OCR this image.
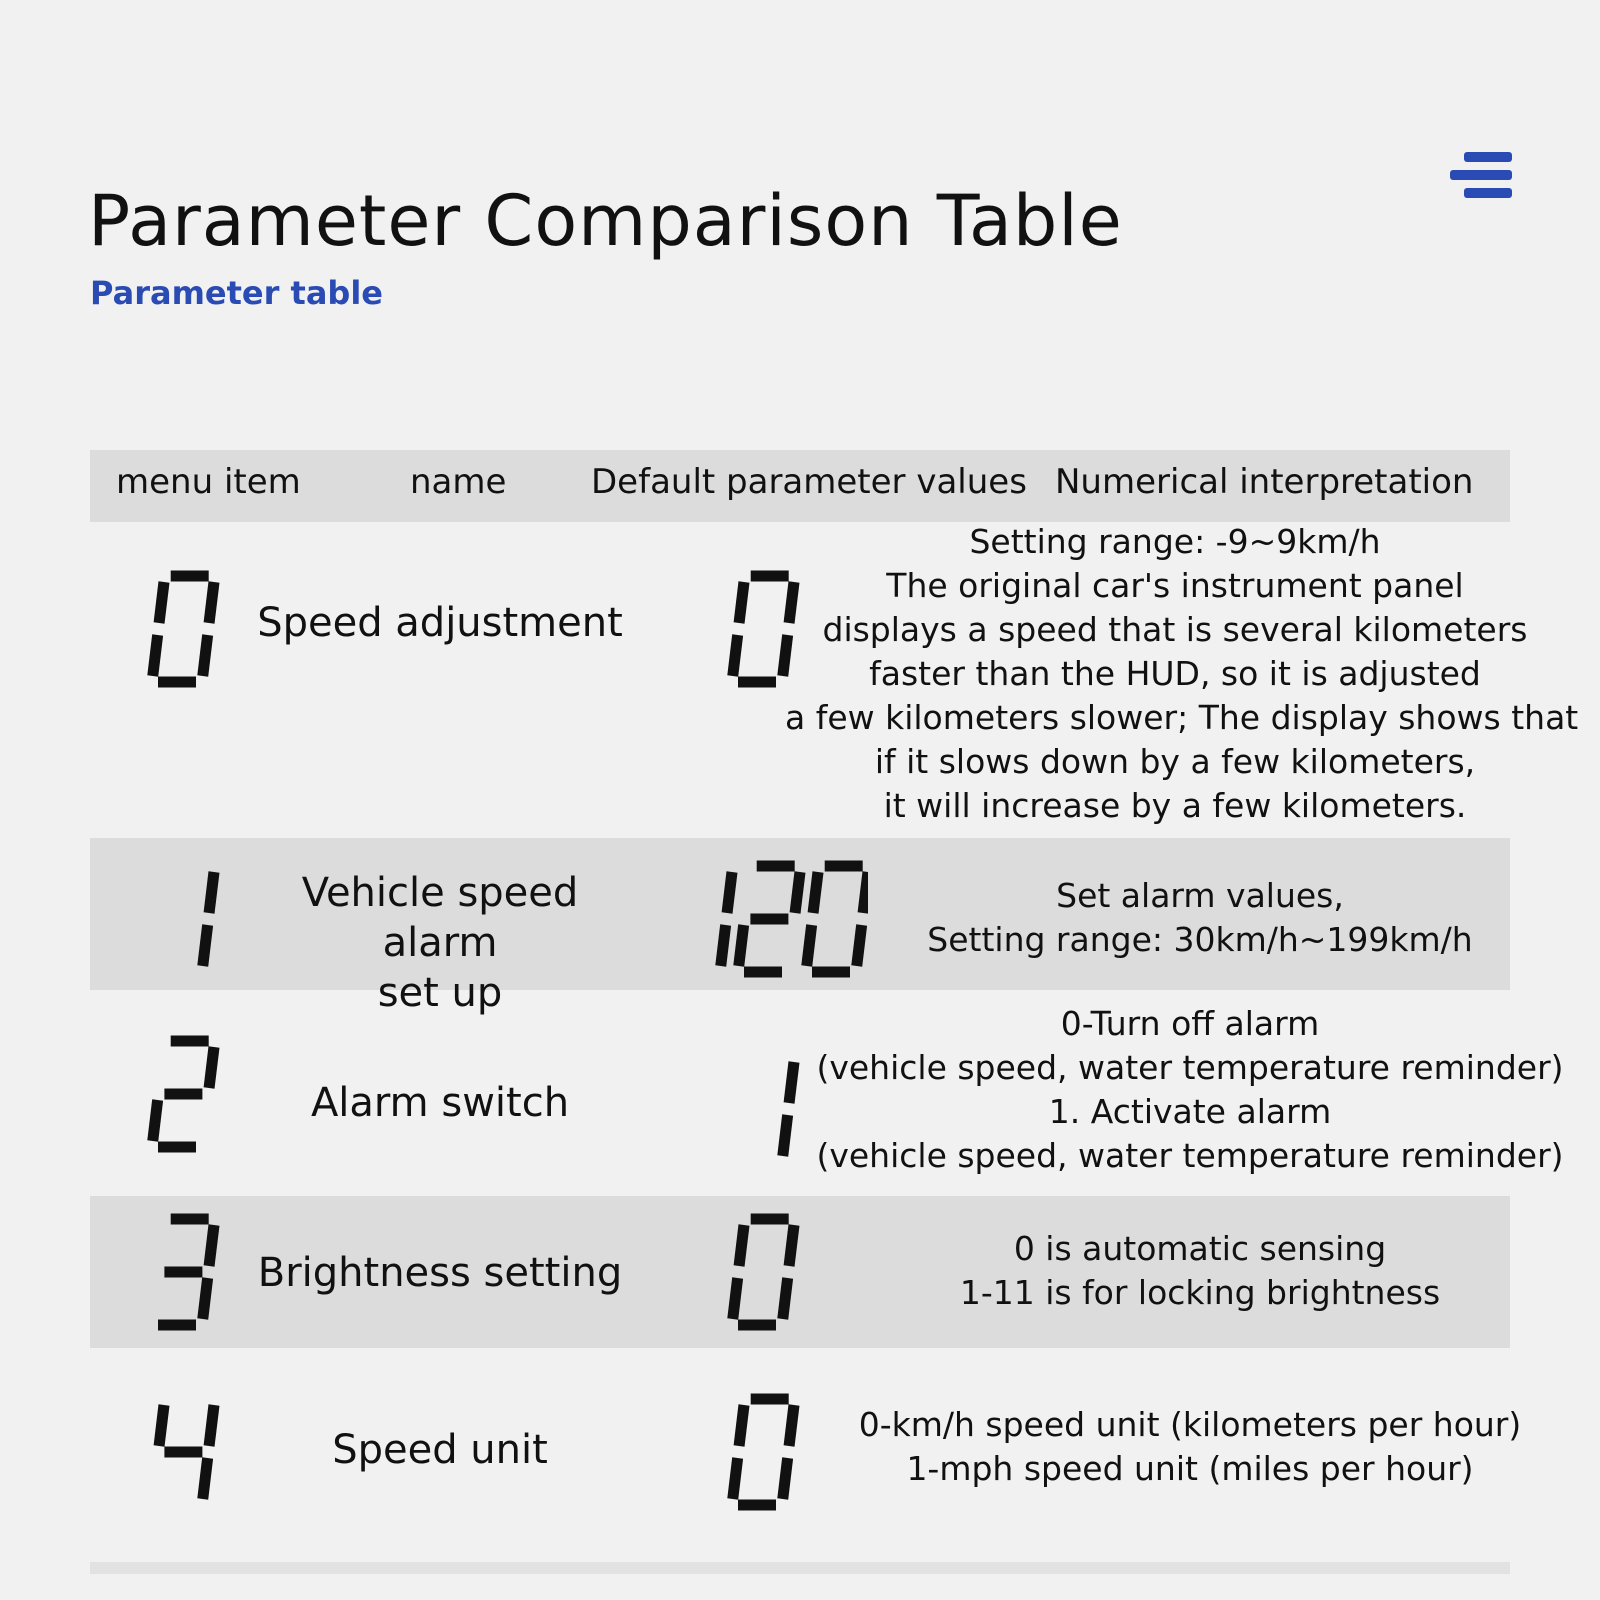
Parameter Comparison Table
Parameter table
menu item	name Default parameter values Numerical interpretation
Speed adjustment
Setting range: -9~9km/h
The original car's instrument panel
displays a speed that is several kilometers
faster than the HUD, so it is adjusted
a few kilometers slower; The display shows that
if it slows down by a few kilometers,
it will increase by a few kilometers.
Vehicle speed alarm
set up
Set alarm values,
Setting range: 30km/h~199km/h
Alarm switch
0-Turn off alarm
(vehicle speed, water temperature reminder)
1. Activate alarm
(vehicle speed, water temperature reminder)
Brightness setting
0 is automatic sensing
1-11 is for locking brightness
Speed unit
0-km/h speed unit (kilometers per hour)
1-mph speed unit (miles per hour)
